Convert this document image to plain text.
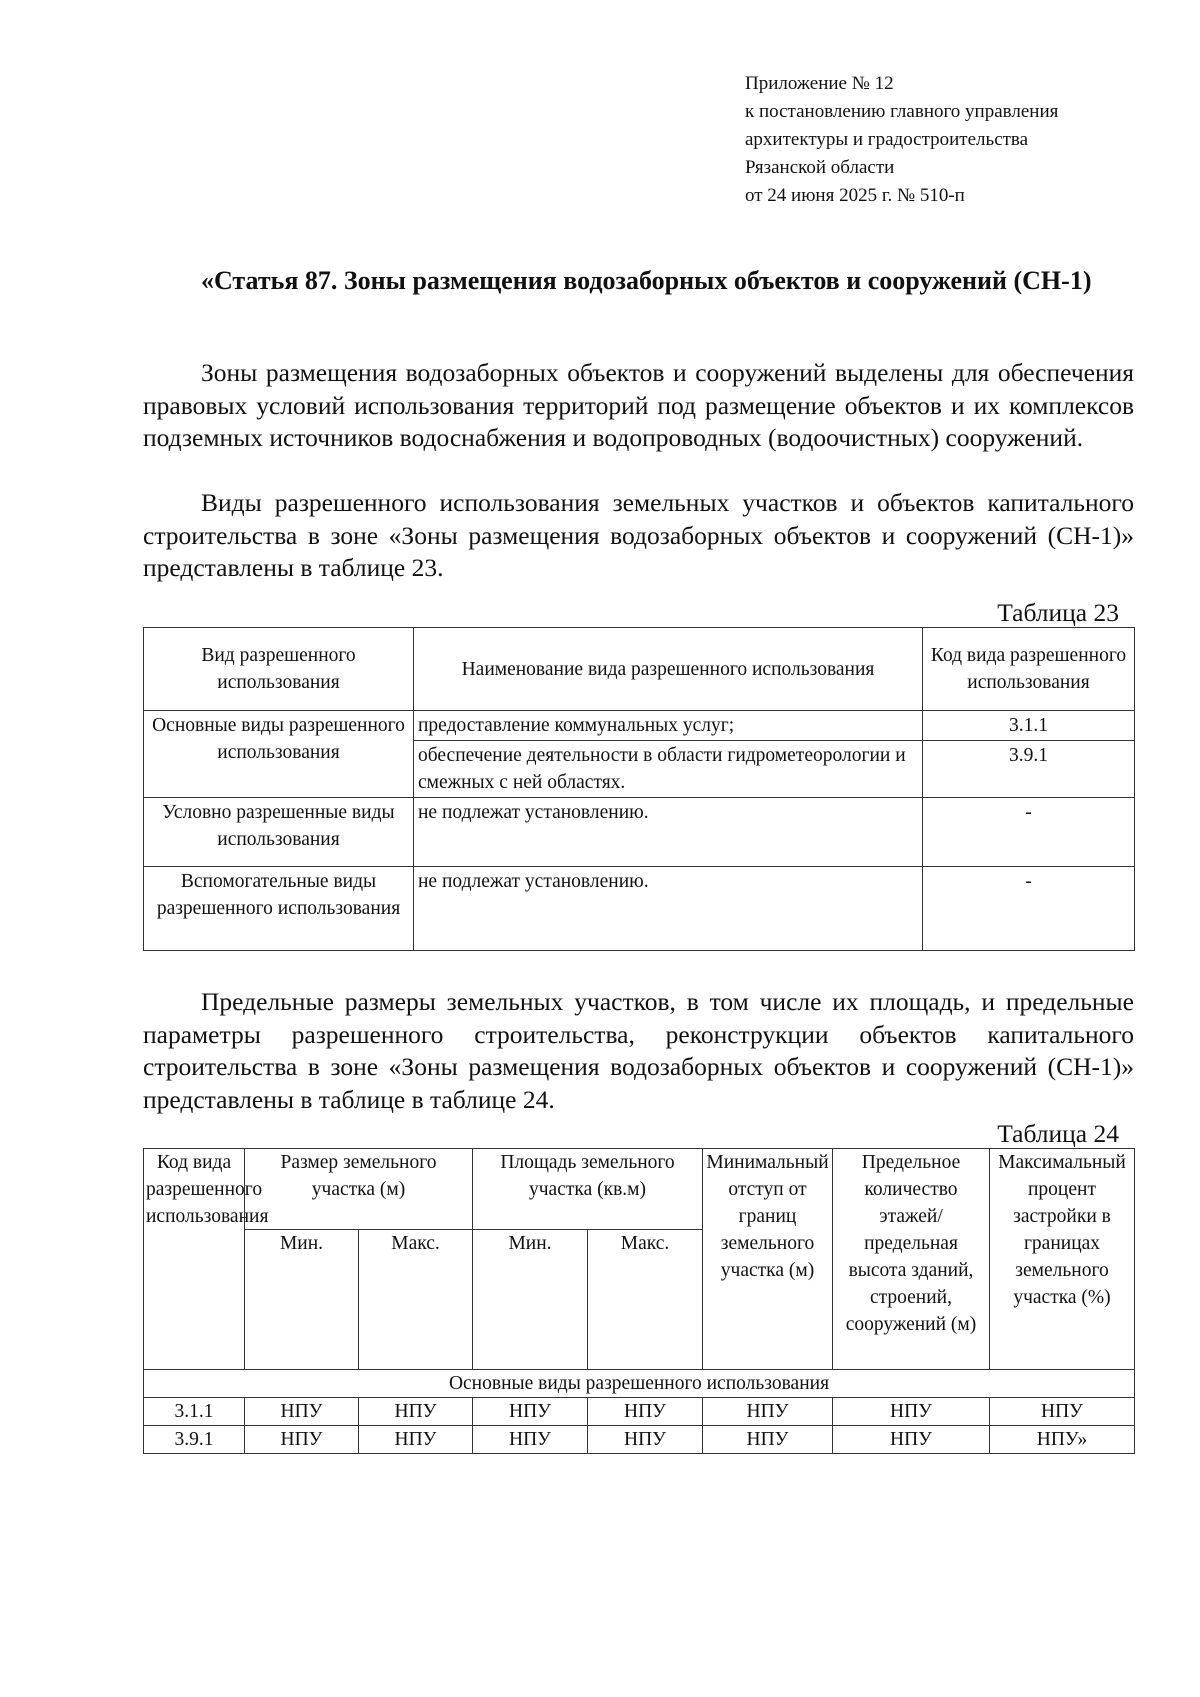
Приложение № 12
к постановлению главного управления
архитектуры и градостроительства
Рязанской области
от 24 июня 2025 г. № 510-п
«Статья 87. Зоны размещения водозаборных объектов и сооружений (СН-1)

Зоны размещения водозаборных объектов и сооружений выделены для обеспечения правовых условий использования территорий под размещение объектов и их комплексов подземных источников водоснабжения и водопроводных (водоочистных) сооружений.

Виды разрешенного использования земельных участков и объектов капитального строительства в зоне «Зоны размещения водозаборных объектов и сооружений (СН-1)» представлены в таблице 23.

Таблица 23
Вид разрешенного использования	Наименование вида разрешенного использования	Код вида разрешенного использования
Основные виды разрешенного использования	предоставление коммунальных услуг;	3.1.1
	обеспечение деятельности в области гидрометеорологии и смежных с ней областях.	3.9.1
Условно разрешенные виды использования	не подлежат установлению.	-
Вспомогательные виды разрешенного использования	не подлежат установлению.	-

Предельные размеры земельных участков, в том числе их площадь, и предельные параметры разрешенного строительства, реконструкции объектов капитального строительства в зоне «Зоны размещения водозаборных объектов и сооружений (СН-1)» представлены в таблице в таблице 24.

Таблица 24
Код вида разрешенного использования	Размер земельного участка (м)		Площадь земельного участка (кв.м)		Минимальный отступ от границ земельного участка (м)	Предельное количество этажей/ предельная высота зданий, строений, сооружений (м)	Максимальный процент застройки в границах земельного участка (%)
	Мин.	Макс.	Мин.	Макс.			
Основные виды разрешенного использования							
3.1.1	НПУ	НПУ	НПУ	НПУ	НПУ	НПУ	НПУ
3.9.1	НПУ	НПУ	НПУ	НПУ	НПУ	НПУ	НПУ»
